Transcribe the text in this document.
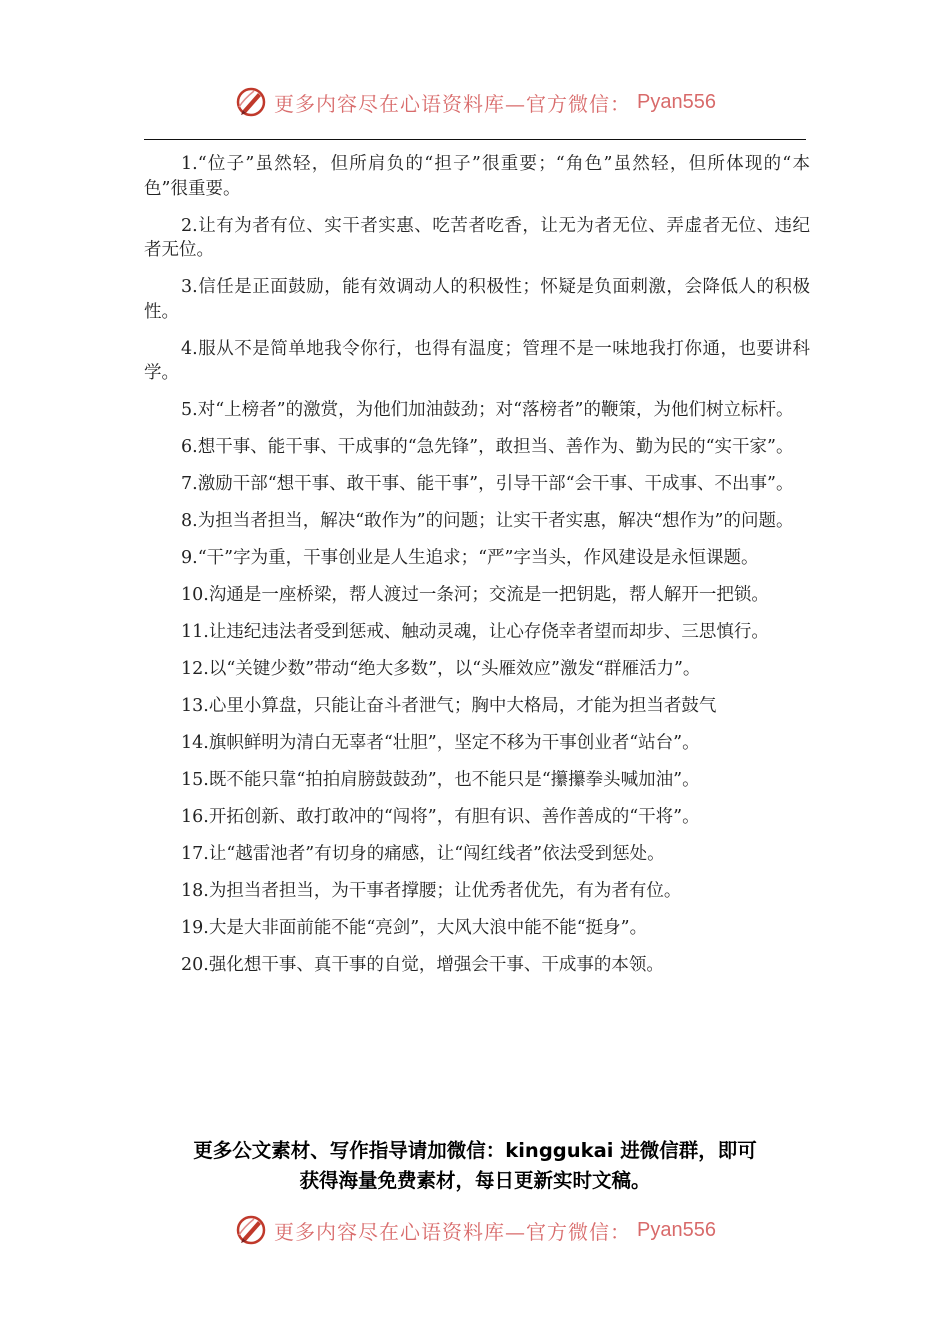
更多内容尽在心语资料库—官方微信： Pyan556

1.“位子”虽然轻，但所肩负的“担子”很重要；“角色”虽然轻，但所体现的“本色”很重要。

2.让有为者有位、实干者实惠、吃苦者吃香，让无为者无位、弄虚者无位、违纪者无位。

3.信任是正面鼓励，能有效调动人的积极性；怀疑是负面刺激，会降低人的积极性。

4.服从不是简单地我令你行，也得有温度；管理不是一味地我打你通，也要讲科学。

5.对“上榜者”的激赏，为他们加油鼓劲；对“落榜者”的鞭策，为他们树立标杆。

6.想干事、能干事、干成事的“急先锋”，敢担当、善作为、勤为民的“实干家”。

7.激励干部“想干事、敢干事、能干事”，引导干部“会干事、干成事、不出事”。

8.为担当者担当，解决“敢作为”的问题；让实干者实惠，解决“想作为”的问题。

9.“干”字为重，干事创业是人生追求；“严”字当头，作风建设是永恒课题。

10.沟通是一座桥梁，帮人渡过一条河；交流是一把钥匙，帮人解开一把锁。

11.让违纪违法者受到惩戒、触动灵魂，让心存侥幸者望而却步、三思慎行。

12.以“关键少数”带动“绝大多数”，以“头雁效应”激发“群雁活力”。

13.心里小算盘，只能让奋斗者泄气；胸中大格局，才能为担当者鼓气

14.旗帜鲜明为清白无辜者“壮胆”，坚定不移为干事创业者“站台”。

15.既不能只靠“拍拍肩膀鼓鼓劲”，也不能只是“攥攥拳头喊加油”。

16.开拓创新、敢打敢冲的“闯将”，有胆有识、善作善成的“干将”。

17.让“越雷池者”有切身的痛感，让“闯红线者”依法受到惩处。

18.为担当者担当，为干事者撑腰；让优秀者优先，有为者有位。

19.大是大非面前能不能“亮剑”，大风大浪中能不能“挺身”。

20.强化想干事、真干事的自觉，增强会干事、干成事的本领。

更多公文素材、写作指导请加微信：kinggukai 进微信群，即可
获得海量免费素材，每日更新实时文稿。
更多内容尽在心语资料库—官方微信： Pyan556
